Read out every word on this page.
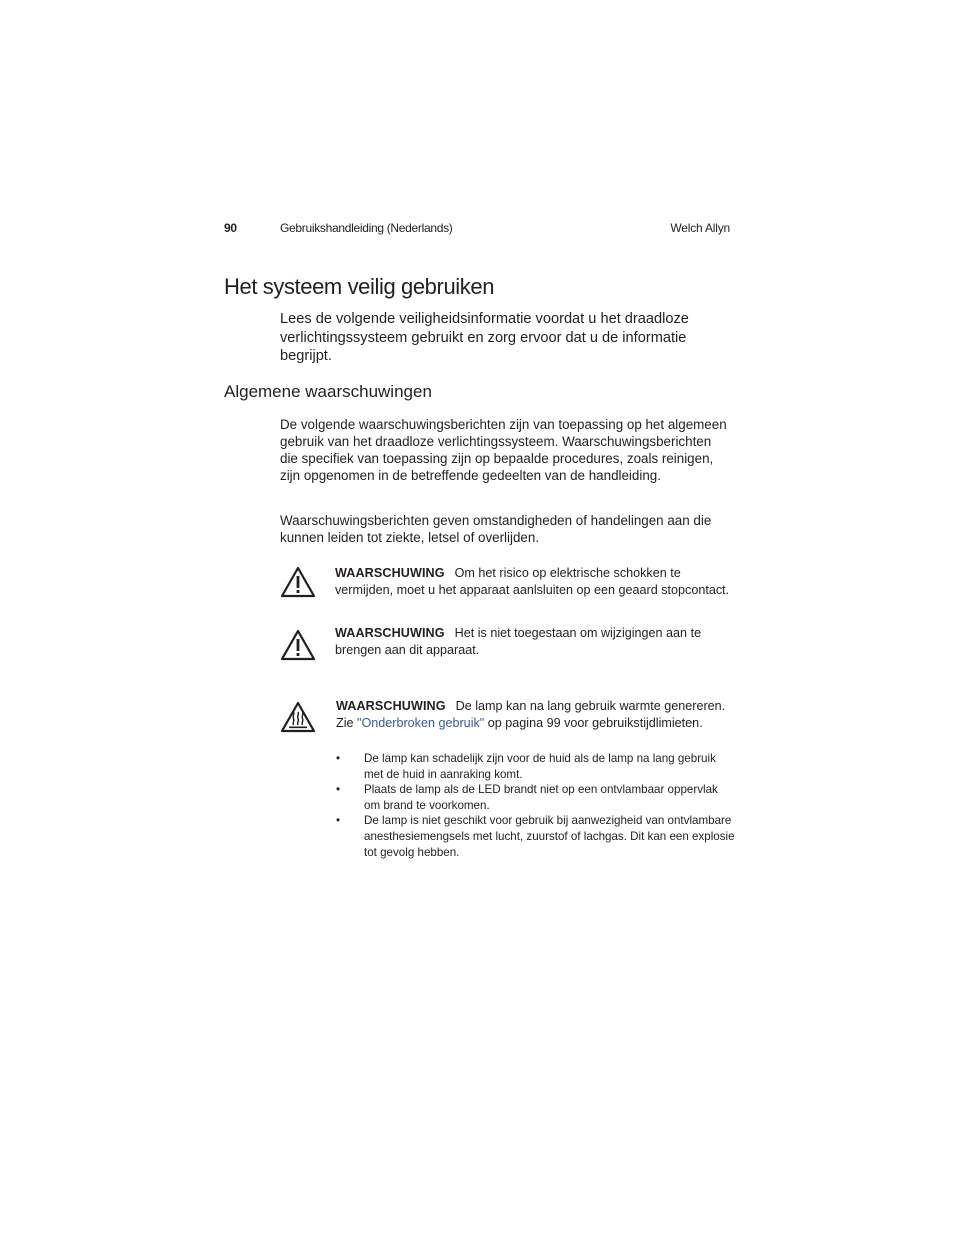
90	Gebruikshandleiding (Nederlands)	Welch Allyn
Het systeem veilig gebruiken
Lees de volgende veiligheidsinformatie voordat u het draadloze verlichtingssysteem gebruikt en zorg ervoor dat u de informatie begrijpt.
Algemene waarschuwingen
De volgende waarschuwingsberichten zijn van toepassing op het algemeen gebruik van het draadloze verlichtingssysteem. Waarschuwingsberichten die specifiek van toepassing zijn op bepaalde procedures, zoals reinigen, zijn opgenomen in de betreffende gedeelten van de handleiding.
Waarschuwingsberichten geven omstandigheden of handelingen aan die kunnen leiden tot ziekte, letsel of overlijden.
WAARSCHUWING Om het risico op elektrische schokken te vermijden, moet u het apparaat aanlsluiten op een geaard stopcontact.
WAARSCHUWING Het is niet toegestaan om wijzigingen aan te brengen aan dit apparaat.
WAARSCHUWING De lamp kan na lang gebruik warmte genereren. Zie "Onderbroken gebruik" op pagina 99 voor gebruikstijdlimieten.
• De lamp kan schadelijk zijn voor de huid als de lamp na lang gebruik met de huid in aanraking komt.
• Plaats de lamp als de LED brandt niet op een ontvlambaar oppervlak om brand te voorkomen.
• De lamp is niet geschikt voor gebruik bij aanwezigheid van ontvlambare anesthesiemengsels met lucht, zuurstof of lachgas. Dit kan een explosie tot gevolg hebben.
